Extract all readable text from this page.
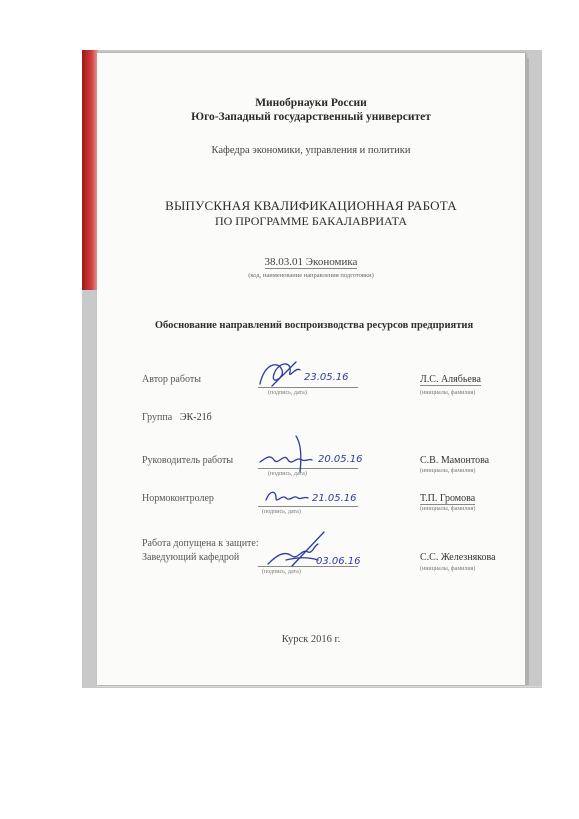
Минобрнауки России
Юго-Западный государственный университет
Кафедра экономики, управления и политики
ВЫПУСКНАЯ КВАЛИФИКАЦИОННАЯ РАБОТА
ПО ПРОГРАММЕ БАКАЛАВРИАТА
38.03.01 Экономика
(код, наименование направления подготовки)
Обоснование направлений воспроизводства ресурсов предприятия
Автор работы
(подпись, дата)
23.05.16	Л.С. Алябьева
(инициалы, фамилия)
Группа ЭК-21б
Руководитель работы
(подпись, дата)
20.05.16	С.В. Мамонтова
(инициалы, фамилия)
Нормоконтролер
(подпись, дата)
21.05.16	Т.П. Громова
(инициалы, фамилия)
Работа допущена к защите:
Заведующий кафедрой
(подпись, дата)
03.06.16	С.С. Железнякова
(инициалы, фамилия)
Курск 2016 г.
